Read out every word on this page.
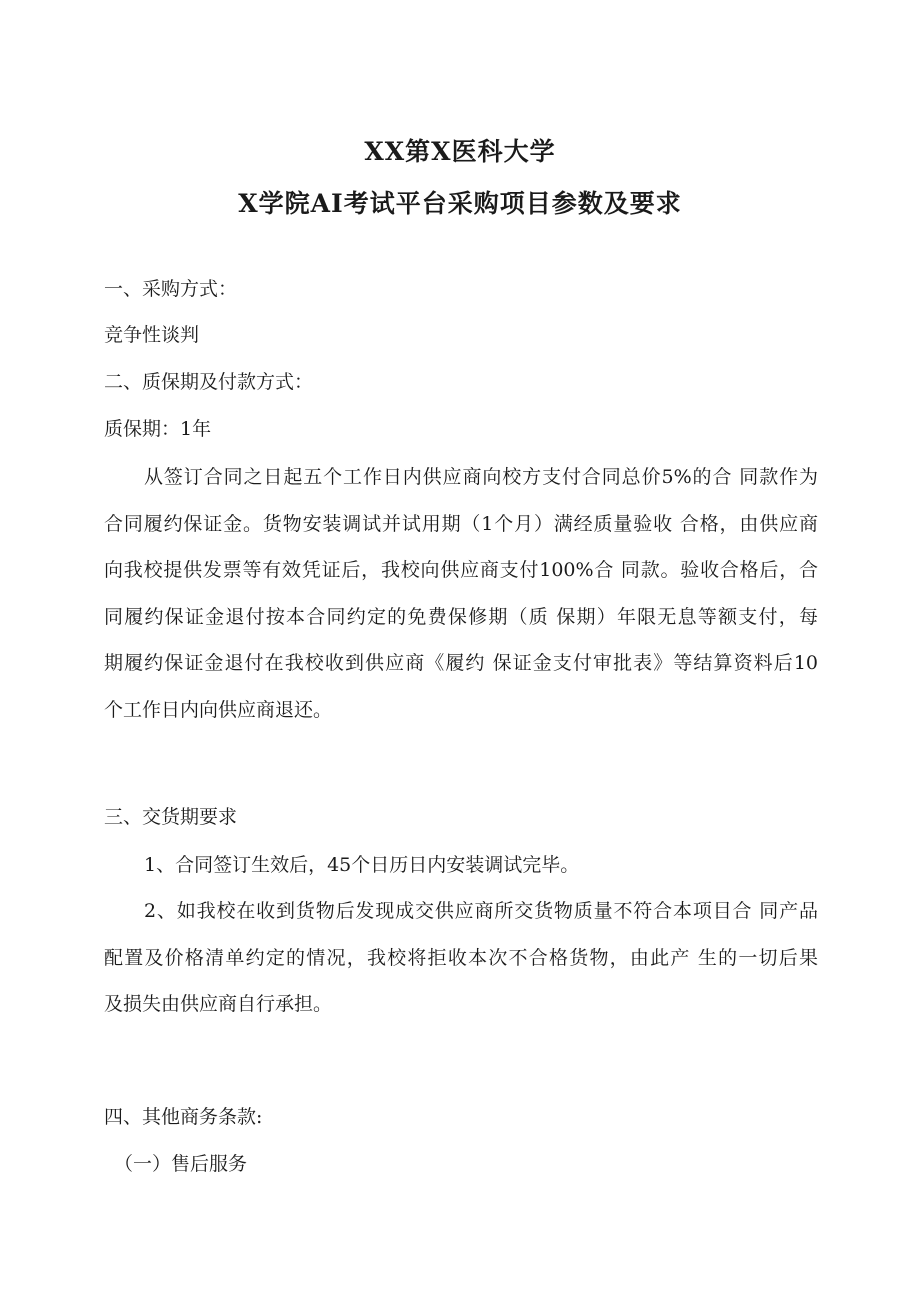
XX第X医科大学
X学院AI考试平台采购项目参数及要求
一、采购方式：
竞争性谈判
二、质保期及付款方式：
质保期：1年
从签订合同之日起五个工作日内供应商向校方支付合同总价5%的合 同款作为
合同履约保证金。货物安装调试并试用期（1个月）满经质量验收 合格，由供应商
向我校提供发票等有效凭证后，我校向供应商支付100%合 同款。验收合格后，合
同履约保证金退付按本合同约定的免费保修期（质 保期）年限无息等额支付，每
期履约保证金退付在我校收到供应商《履约 保证金支付审批表》等结算资料后10
个工作日内向供应商退还。
三、交货期要求
1、合同签订生效后，45个日历日内安装调试完毕。
2、如我校在收到货物后发现成交供应商所交货物质量不符合本项目合 同产品
配置及价格清单约定的情况，我校将拒收本次不合格货物，由此产 生的一切后果
及损失由供应商自行承担。
四、其他商务条款:
（一）售后服务
